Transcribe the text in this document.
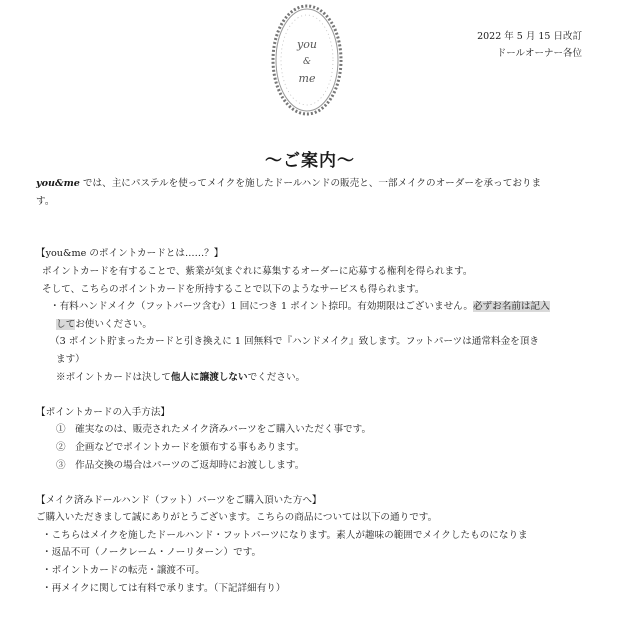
you
&
me
2022 年 5 月 15 日改訂
ドールオーナー各位
〜ご案内〜

you&me では、主にパステルを使ってメイクを施したドールハンドの販売と、一部メイクのオーダーを承っておりま

す。

【you&me のポイントカードとは……？】

ポイントカードを有することで、紫業が気まぐれに募集するオーダーに応募する権利を得られます。

そして、こちらのポイントカードを所持することで以下のようなサービスも得られます。

・有料ハンドメイク（フットパーツ含む）1 回につき 1 ポイント捺印。有効期限はございません。必ずお名前は記入

してお使いください。

（3 ポイント貯まったカードと引き換えに 1 回無料で『ハンドメイク』致します。フットパーツは通常料金を頂き

ます）

※ポイントカードは決して他人に譲渡しないでください。

【ポイントカードの入手方法】

①　確実なのは、販売されたメイク済みパーツをご購入いただく事です。

②　企画などでポイントカードを頒布する事もあります。

③　作品交換の場合はパーツのご返却時にお渡しします。

【メイク済みドールハンド（フット）パーツをご購入頂いた方へ】

ご購入いただきまして誠にありがとうございます。こちらの商品については以下の通りです。

・こちらはメイクを施したドールハンド・フットパーツになります。素人が趣味の範囲でメイクしたものになりま

・返品不可（ノークレーム・ノーリターン）です。

・ポイントカードの転売・譲渡不可。

・再メイクに関しては有料で承ります。（下記詳細有り）
